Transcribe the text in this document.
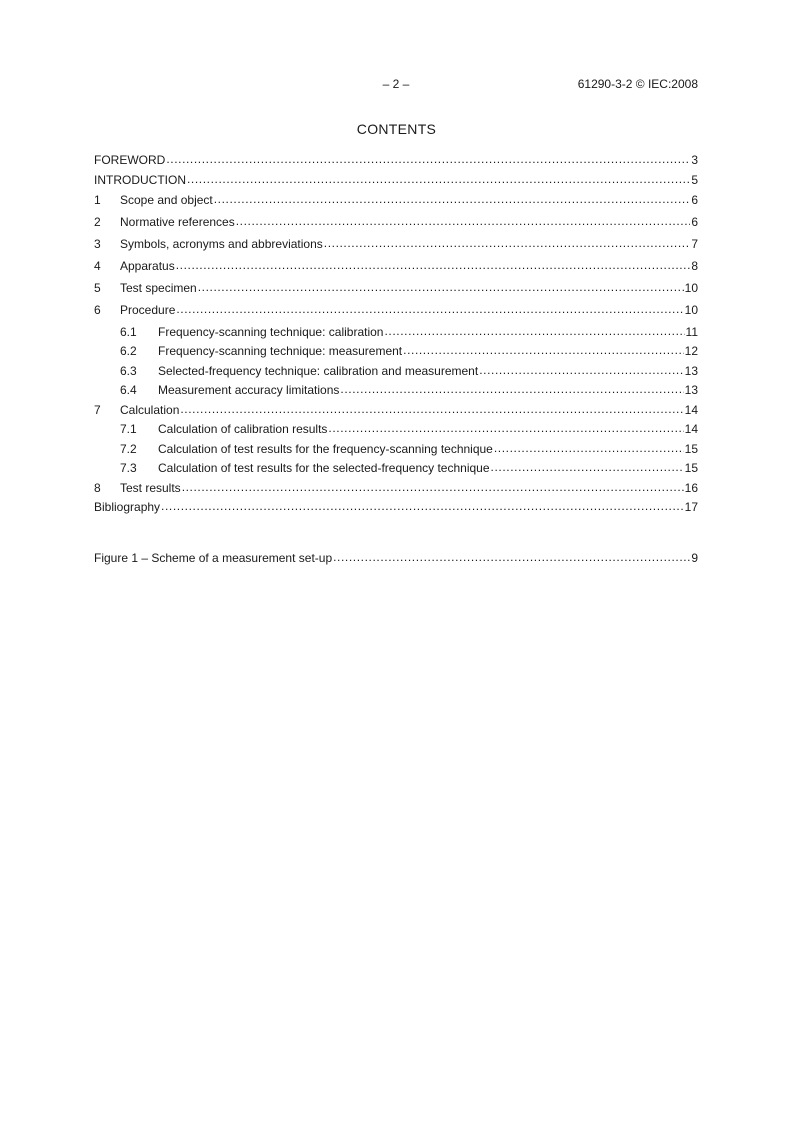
– 2 –	61290-3-2 © IEC:2008
CONTENTS
FOREWORD .....	3
INTRODUCTION .....	5
1	Scope and object .....	6
2	Normative references .....	6
3	Symbols, acronyms and abbreviations .....	7
4	Apparatus .....	8
5	Test specimen .....	10
6	Procedure .....	10
6.1	Frequency-scanning technique: calibration .....	11
6.2	Frequency-scanning technique: measurement .....	12
6.3	Selected-frequency technique: calibration and measurement .....	13
6.4	Measurement accuracy limitations .....	13
7	Calculation .....	14
7.1	Calculation of calibration results .....	14
7.2	Calculation of test results for the frequency-scanning technique .....	15
7.3	Calculation of test results for the selected-frequency technique .....	15
8	Test results .....	16
Bibliography .....	17
Figure 1 – Scheme of a measurement set-up .....	9
